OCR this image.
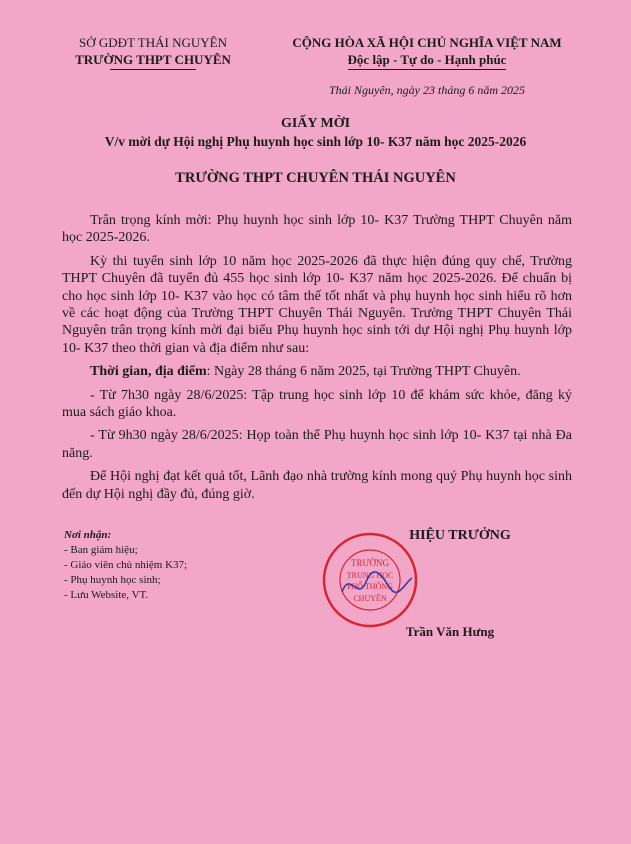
SỞ GDĐT THÁI NGUYÊN
TRƯỜNG THPT CHUYÊN
CỘNG HÒA XÃ HỘI CHỦ NGHĨA VIỆT NAM
Độc lập - Tự do - Hạnh phúc
Thái Nguyên, ngày 23 tháng 6 năm 2025
GIẤY MỜI
V/v mời dự Hội nghị Phụ huynh học sinh lớp 10- K37 năm học 2025-2026
TRƯỜNG THPT CHUYÊN THÁI NGUYÊN

Trân trọng kính mời: Phụ huynh học sinh lớp 10- K37 Trường THPT Chuyên năm học 2025-2026.

Kỳ thi tuyển sinh lớp 10 năm học 2025-2026 đã thực hiện đúng quy chế, Trường THPT Chuyên đã tuyển đủ 455 học sinh lớp 10- K37 năm học 2025-2026. Để chuẩn bị cho học sinh lớp 10- K37 vào học có tâm thế tốt nhất và phụ huynh học sinh hiểu rõ hơn về các hoạt động của Trường THPT Chuyên Thái Nguyên. Trường THPT Chuyên Thái Nguyên trân trọng kính mời đại biểu Phụ huynh học sinh tới dự Hội nghị Phụ huynh lớp 10- K37 theo thời gian và địa điểm như sau:

Thời gian, địa điểm: Ngày 28 tháng 6 năm 2025, tại Trường THPT Chuyên.

- Từ 7h30 ngày 28/6/2025: Tập trung học sinh lớp 10 để khám sức khỏe, đăng ký mua sách giáo khoa.

- Từ 9h30 ngày 28/6/2025: Họp toàn thể Phụ huynh học sinh lớp 10- K37 tại nhà Đa năng.

Để Hội nghị đạt kết quả tốt, Lãnh đạo nhà trường kính mong quý Phụ huynh học sinh đến dự Hội nghị đầy đủ, đúng giờ.

Nơi nhận:
- Ban giám hiệu;
- Giáo viên chủ nhiệm K37;
- Phụ huynh học sinh;
- Lưu Website, VT.
TRƯỜNG
TRUNG HỌC
PHỔ THÔNG
CHUYÊN
HIỆU TRƯỞNG
Trần Văn Hưng
